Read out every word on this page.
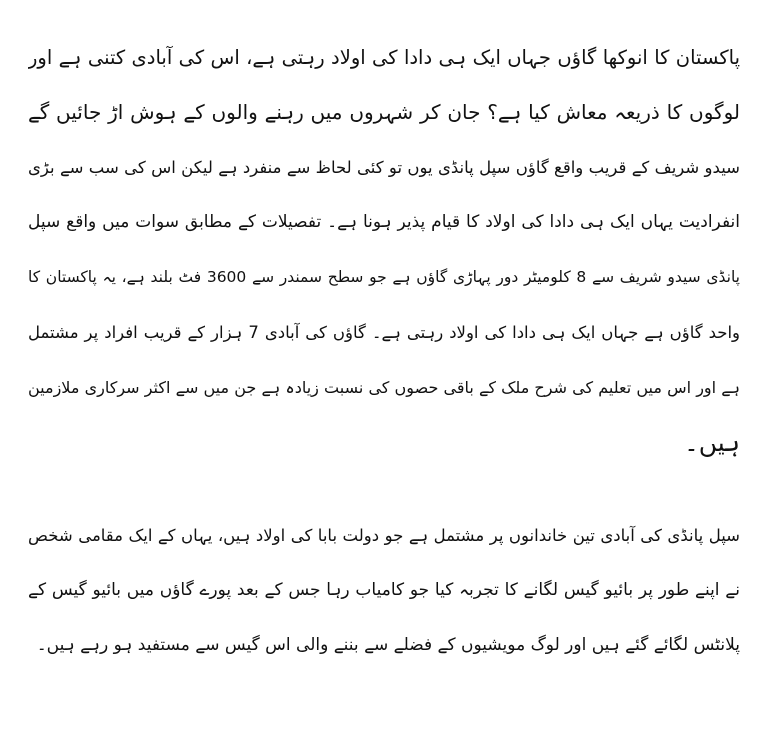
پاکستان کا انوکھا گاؤں جہاں ایک ہی دادا کی اولاد رہتی ہے، اس کی آبادی کتنی ہے اور
لوگوں کا ذریعہ معاش کیا ہے؟ جان کر شہروں میں رہنے والوں کے ہوش اڑ جائیں گے
سیدو شریف کے قریب واقع گاؤں سپل پانڈی یوں تو کئی لحاظ سے منفرد ہے لیکن اس کی سب سے بڑی
انفرادیت یہاں ایک ہی دادا کی اولاد کا قیام پذیر ہونا ہے۔ تفصیلات کے مطابق سوات میں واقع سپل
پانڈی سیدو شریف سے 8 کلومیٹر دور پہاڑی گاؤں ہے جو سطح سمندر سے 3600 فٹ بلند ہے، یہ پاکستان کا
واحد گاؤں ہے جہاں ایک ہی دادا کی اولاد رہتی ہے۔ گاؤں کی آبادی 7 ہزار کے قریب افراد پر مشتمل
ہے اور اس میں تعلیم کی شرح ملک کے باقی حصوں کی نسبت زیادہ ہے جن میں سے اکثر سرکاری ملازمین
ہیں۔
سپل پانڈی کی آبادی تین خاندانوں پر مشتمل ہے جو دولت بابا کی اولاد ہیں، یہاں کے ایک مقامی شخص
نے اپنے طور پر بائیو گیس لگانے کا تجربہ کیا جو کامیاب رہا جس کے بعد پورے گاؤں میں بائیو گیس کے
پلانٹس لگائے گئے ہیں اور لوگ مویشیوں کے فضلے سے بننے والی اس گیس سے مستفید ہو رہے ہیں۔
